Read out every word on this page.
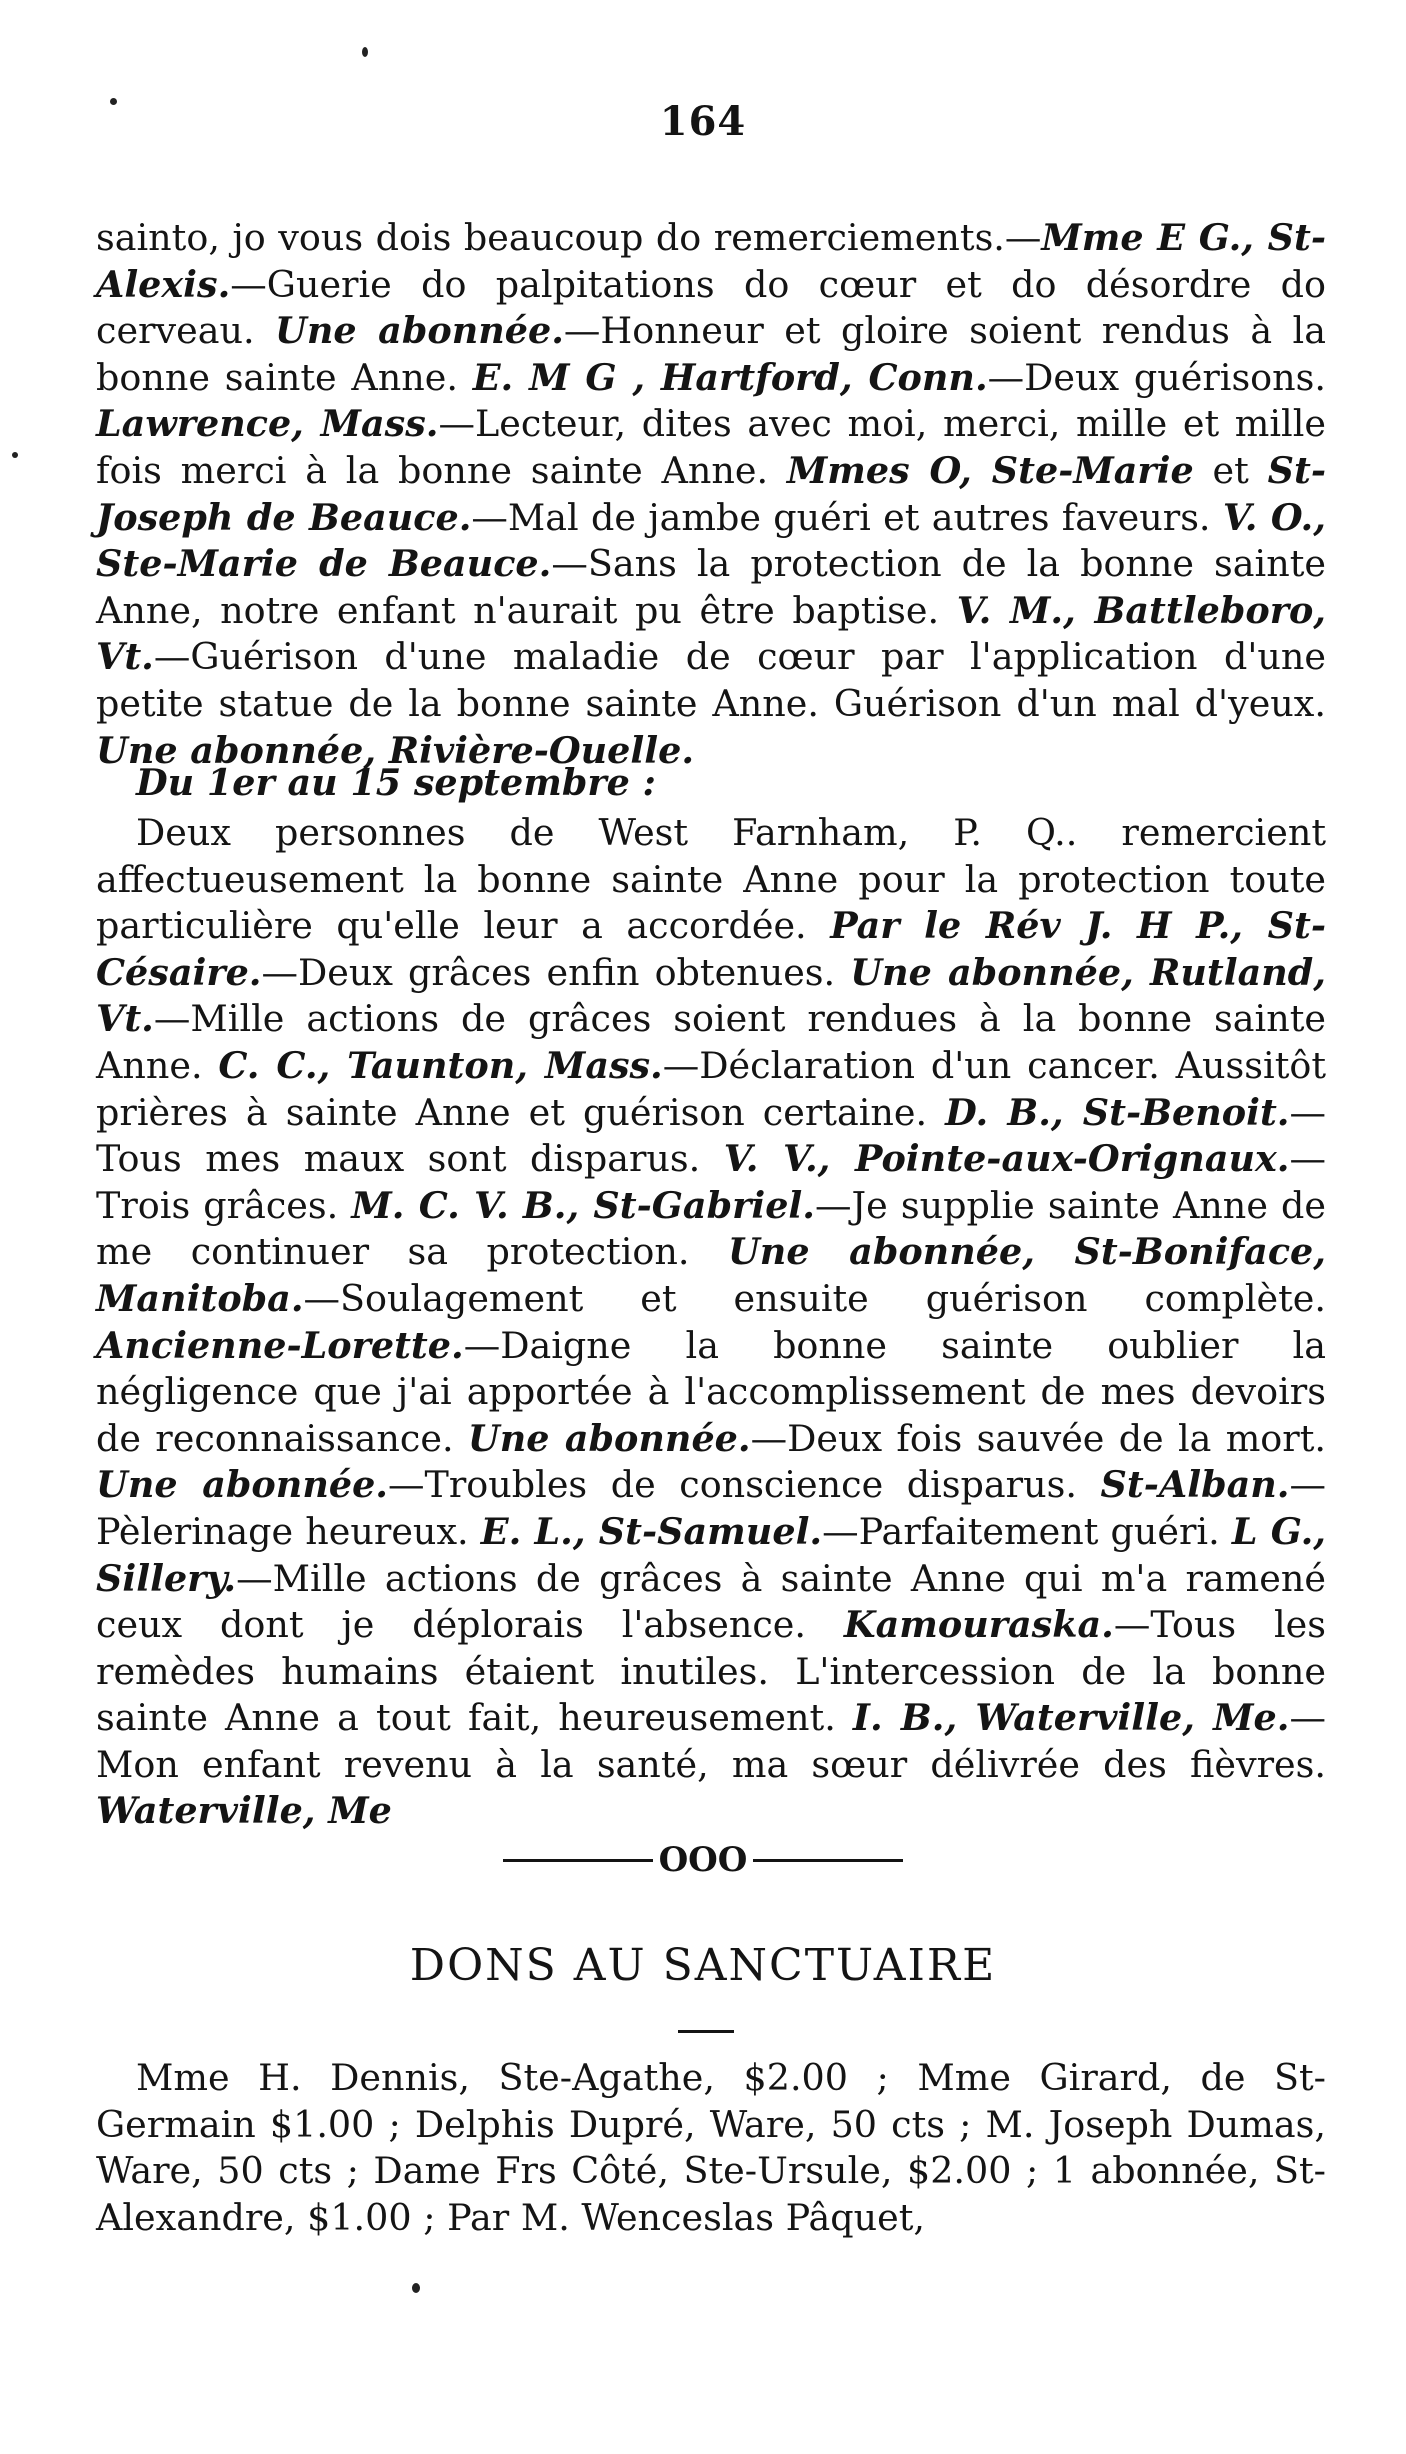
164

sainto, jo vous dois beaucoup do remerciements.—Mme E G., St-Alexis.—Guerie do palpitations do cœur et do désordre do cerveau. Une abonnée.—Honneur et gloire soient rendus à la bonne sainte Anne. E. M G , Hartford, Conn.—Deux guérisons. Lawrence, Mass.—Lecteur, dites avec moi, merci, mille et mille fois merci à la bonne sainte Anne. Mmes O, Ste-Marie et St-Joseph de Beauce.—Mal de jambe guéri et autres faveurs. V. O., Ste-Marie de Beauce.—Sans la protection de la bonne sainte Anne, notre enfant n'aurait pu être baptise. V. M., Battleboro, Vt.—Guérison d'une maladie de cœur par l'application d'une petite statue de la bonne sainte Anne. Guérison d'un mal d'yeux. Une abonnée, Rivière-Ouelle.

Du 1er au 15 septembre :

Deux personnes de West Farnham, P. Q.. remercient affectueusement la bonne sainte Anne pour la protection toute particulière qu'elle leur a accordée. Par le Rév J. H P., St-Césaire.—Deux grâces enfin obtenues. Une abonnée, Rutland, Vt.—Mille actions de grâces soient rendues à la bonne sainte Anne. C. C., Taunton, Mass.—Déclaration d'un cancer. Aussitôt prières à sainte Anne et guérison certaine. D. B., St-Benoit.—Tous mes maux sont disparus. V. V., Pointe-aux-Orignaux.—Trois grâces. M. C. V. B., St-Gabriel.—Je supplie sainte Anne de me continuer sa protection. Une abonnée, St-Boniface, Manitoba.—Soulagement et ensuite guérison complète. Ancienne-Lorette.—Daigne la bonne sainte oublier la négligence que j'ai apportée à l'accomplissement de mes devoirs de reconnaissance. Une abonnée.—Deux fois sauvée de la mort. Une abonnée.—Troubles de conscience disparus. St-Alban.—Pèlerinage heureux. E. L., St-Samuel.—Parfaitement guéri. L G., Sillery.—Mille actions de grâces à sainte Anne qui m'a ramené ceux dont je déplorais l'absence. Kamouraska.—Tous les remèdes humains étaient inutiles. L'intercession de la bonne sainte Anne a tout fait, heureusement. I. B., Waterville, Me.—Mon enfant revenu à la santé, ma sœur délivrée des fièvres. Waterville, Me

OOO
DONS AU SANCTUAIRE

Mme H. Dennis, Ste-Agathe, $2.00 ; Mme Girard, de St-Germain $1.00 ; Delphis Dupré, Ware, 50 cts ; M. Joseph Dumas, Ware, 50 cts ; Dame Frs Côté, Ste-Ursule, $2.00 ; 1 abonnée, St-Alexandre, $1.00 ; Par M. Wenceslas Pâquet,
